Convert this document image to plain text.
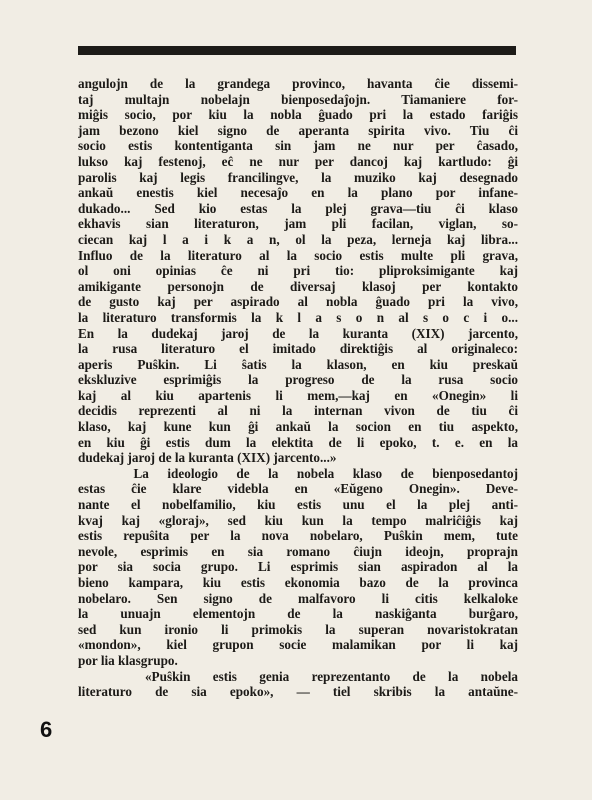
angulojn de la grandega provinco, havanta ĉie dissemi-
taj multajn nobelajn bienposedaĵojn. Tiamaniere for-
miĝis socio, por kiu la nobla ĝuado pri la estado fariĝis
jam bezono kiel signo de aperanta spirita vivo. Tiu ĉi
socio estis kontentiganta sin jam ne nur per ĉasado,
lukso kaj festenoj, eĉ ne nur per dancoj kaj kartludo: ĝi
parolis kaj legis francilingve, la muziko kaj desegnado
ankaŭ enestis kiel necesaĵo en la plano por infane-
dukado... Sed kio estas la plej grava—tiu ĉi klaso
ekhavis sian literaturon, jam pli facilan, viglan, so-
ciecan kaj l a i k a n, ol la peza, lerneja kaj libra...
Influo de la literaturo al la socio estis multe pli grava,
ol oni opinias ĉe ni pri tio: pliproksimigante kaj
amikigante personojn de diversaj klasoj per kontakto
de gusto kaj per aspirado al nobla ĝuado pri la vivo,
la literaturo transformis la k l a s o n al s o c i o...
En la dudekaj jaroj de la kuranta (XIX) jarcento,
la rusa literaturo el imitado direktiĝis al originaleco:
aperis Puŝkin. Li ŝatis la klason, en kiu preskaŭ
ekskluzive esprimiĝis la progreso de la rusa socio
kaj al kiu apartenis li mem,—kaj en «Onegin» li
decidis reprezenti al ni la internan vivon de tiu ĉi
klaso, kaj kune kun ĝi ankaŭ la socion en tiu aspekto,
en kiu ĝi estis dum la elektita de li epoko, t. e. en la
dudekaj jaroj de la kuranta (XIX) jarcento...»
La ideologio de la nobela klaso de bienposedantoj
estas ĉie klare videbla en «Eŭgeno Onegin». Deve-
nante el nobelfamilio, kiu estis unu el la plej anti-
kvaj kaj «gloraj», sed kiu kun la tempo malriĉiĝis kaj
estis repuŝita per la nova nobelaro, Puŝkin mem, tute
nevole, esprimis en sia romano ĉiujn ideojn, proprajn
por sia socia grupo. Li esprimis sian aspiradon al la
bieno kampara, kiu estis ekonomia bazo de la provinca
nobelaro. Sen signo de malfavoro li citis kelkaloke
la unuajn elementojn de la naskiĝanta burĝaro,
sed kun ironio li primokis la superan novaristokratan
«mondon», kiel grupon socie malamikan por li kaj
por lia klasgrupo.
«Puŝkin estis genia reprezentanto de la nobela
literaturo de sia epoko», — tiel skribis la antaŭne-
6
